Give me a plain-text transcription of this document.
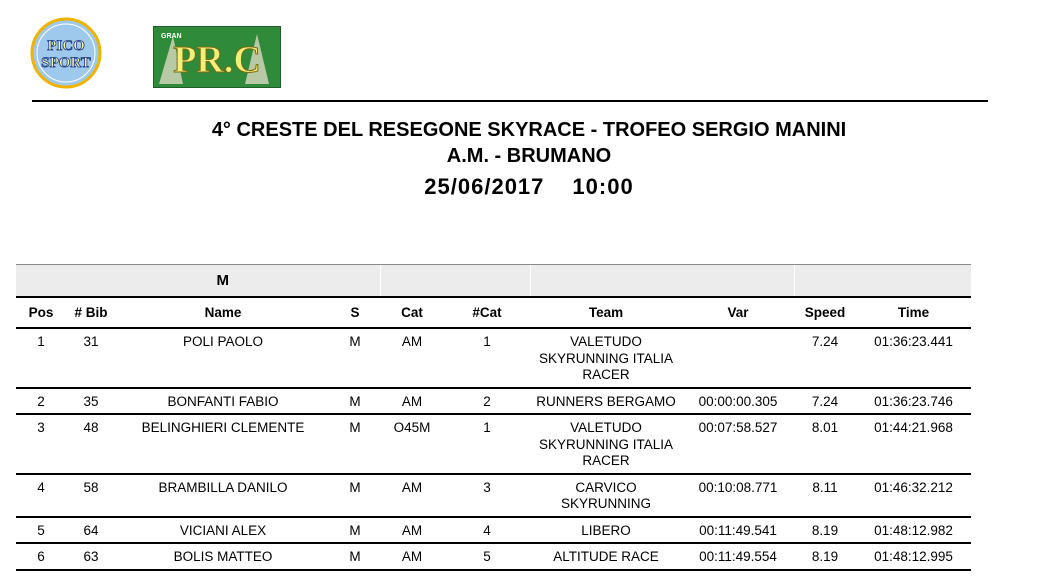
PICO
SPORT
GRAN
PR.C
4° CRESTE DEL RESEGONE SKYRACE - TROFEO SERGIO MANINI
A.M. - BRUMANO
25/06/2017 10:00
	M								
Pos	# Bib	Name	S	Cat	#Cat	Team	Var	Speed	Time
1	31	POLI PAOLO	M	AM	1	VALETUDO SKYRUNNING ITALIA RACER		7.24	01:36:23.441
2	35	BONFANTI FABIO	M	AM	2	RUNNERS BERGAMO	00:00:00.305	7.24	01:36:23.746
3	48	BELINGHIERI CLEMENTE	M	O45M	1	VALETUDO SKYRUNNING ITALIA RACER	00:07:58.527	8.01	01:44:21.968
4	58	BRAMBILLA DANILO	M	AM	3	CARVICO SKYRUNNING	00:10:08.771	8.11	01:46:32.212
5	64	VICIANI ALEX	M	AM	4	LIBERO	00:11:49.541	8.19	01:48:12.982
6	63	BOLIS MATTEO	M	AM	5	ALTITUDE RACE	00:11:49.554	8.19	01:48:12.995
